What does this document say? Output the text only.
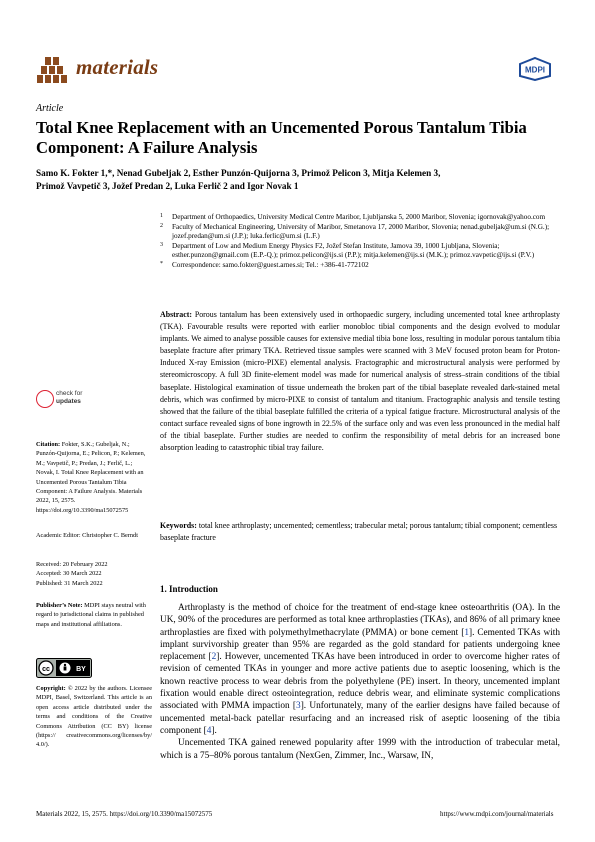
materials	MDPI
Article
Total Knee Replacement with an Uncemented Porous Tantalum Tibia Component: A Failure Analysis
Samo K. Fokter 1,*, Nenad Gubeljak 2, Esther Punzón-Quijorna 3, Primož Pelicon 3, Mitja Kelemen 3,
Primož Vavpetič 3, Jožef Predan 2, Luka Ferlič 2 and Igor Novak 1
1 Department of Orthopaedics, University Medical Centre Maribor, Ljubljanska 5, 2000 Maribor, Slovenia; igornovak@yahoo.com
2 Faculty of Mechanical Engineering, University of Maribor, Smetanova 17, 2000 Maribor, Slovenia; nenad.gubeljak@um.si (N.G.); jozef.predan@um.si (J.P.); luka.ferlic@um.si (L.F.)
3 Department of Low and Medium Energy Physics F2, Jožef Stefan Institute, Jamova 39, 1000 Ljubljana, Slovenia; esther.punzon@gmail.com (E.P.-Q.); primoz.pelicon@ijs.si (P.P.); mitja.kelemen@ijs.si (M.K.); primoz.vavpetic@ijs.si (P.V.)
* Correspondence: samo.fokter@guest.arnes.si; Tel.: +386-41-772102
Abstract: Porous tantalum has been extensively used in orthopaedic surgery, including uncemented total knee arthroplasty (TKA). Favourable results were reported with earlier monobloc tibial components and the design evolved to modular implants. We aimed to analyse possible causes for extensive medial tibia bone loss, resulting in modular porous tantalum tibia baseplate fracture after primary TKA. Retrieved tissue samples were scanned with 3 MeV focused proton beam for Proton-Induced X-ray Emission (micro-PIXE) elemental analysis. Fractographic and microstructural analysis were performed by stereomicroscopy. A full 3D finite-element model was made for numerical analysis of stress–strain conditions of the tibial baseplate. Histological examination of tissue underneath the broken part of the tibial baseplate revealed dark-stained metal debris, which was confirmed by micro-PIXE to consist of tantalum and titanium. Fractographic analysis and tensile testing showed that the failure of the tibial baseplate fulfilled the criteria of a typical fatigue fracture. Microstructural analysis of the contact surface revealed signs of bone ingrowth in 22.5% of the surface only and was even less pronounced in the medial half of the tibial baseplate. Further studies are needed to confirm the responsibility of metal debris for an increased bone absorption leading to catastrophic tibial tray failure.
Keywords: total knee arthroplasty; uncemented; cementless; trabecular metal; porous tantalum; tibial component; cementless baseplate fracture
1. Introduction

Arthroplasty is the method of choice for the treatment of end-stage knee osteoarthritis (OA). In the UK, 90% of the procedures are performed as total knee arthroplasties (TKAs), and 86% of all primary knee arthroplasties are fixed with polymethylmethacrylate (PMMA) or bone cement [1]. Cemented TKAs with implant survivorship greater than 95% are regarded as the gold standard for patients undergoing knee replacement [2]. However, uncemented TKAs have been introduced in order to overcome higher rates of revision of cemented TKAs in younger and more active patients due to aseptic loosening, which is the known reactive process to wear debris from the polyethylene (PE) insert. In theory, uncemented implant fixation would enable direct osteointegration, reduce debris wear, and eliminate systemic complications associated with PMMA impaction [3]. Unfortunately, many of the earlier designs have failed because of uncemented metal-back patellar resurfacing and an increased risk of aseptic loosening of the tibia component [4].

Uncemented TKA gained renewed popularity after 1999 with the introduction of trabecular metal, which is a 75–80% porous tantalum (NexGen, Zimmer, Inc., Warsaw, IN,

check for
updates
Citation: Fokter, S.K.; Gubeljak, N.; Punzón-Quijorna, E.; Pelicon, P.; Kelemen, M.; Vavpetič, P.; Predan, J.; Ferlič, L.; Novak, I. Total Knee Replacement with an Uncemented Porous Tantalum Tibia Component: A Failure Analysis. Materials 2022, 15, 2575. https://doi.org/10.3390/ma15072575
Academic Editor: Christopher C. Berndt
Received: 20 February 2022
Accepted: 30 March 2022
Published: 31 March 2022
Publisher’s Note: MDPI stays neutral with regard to jurisdictional claims in published maps and institutional affiliations.
cc	BY
Copyright: © 2022 by the authors. Licensee MDPI, Basel, Switzerland. This article is an open access article distributed under the terms and conditions of the Creative Commons Attribution (CC BY) license (https:// creativecommons.org/licenses/by/ 4.0/).
Materials 2022, 15, 2575. https://doi.org/10.3390/ma15072575	https://www.mdpi.com/journal/materials
